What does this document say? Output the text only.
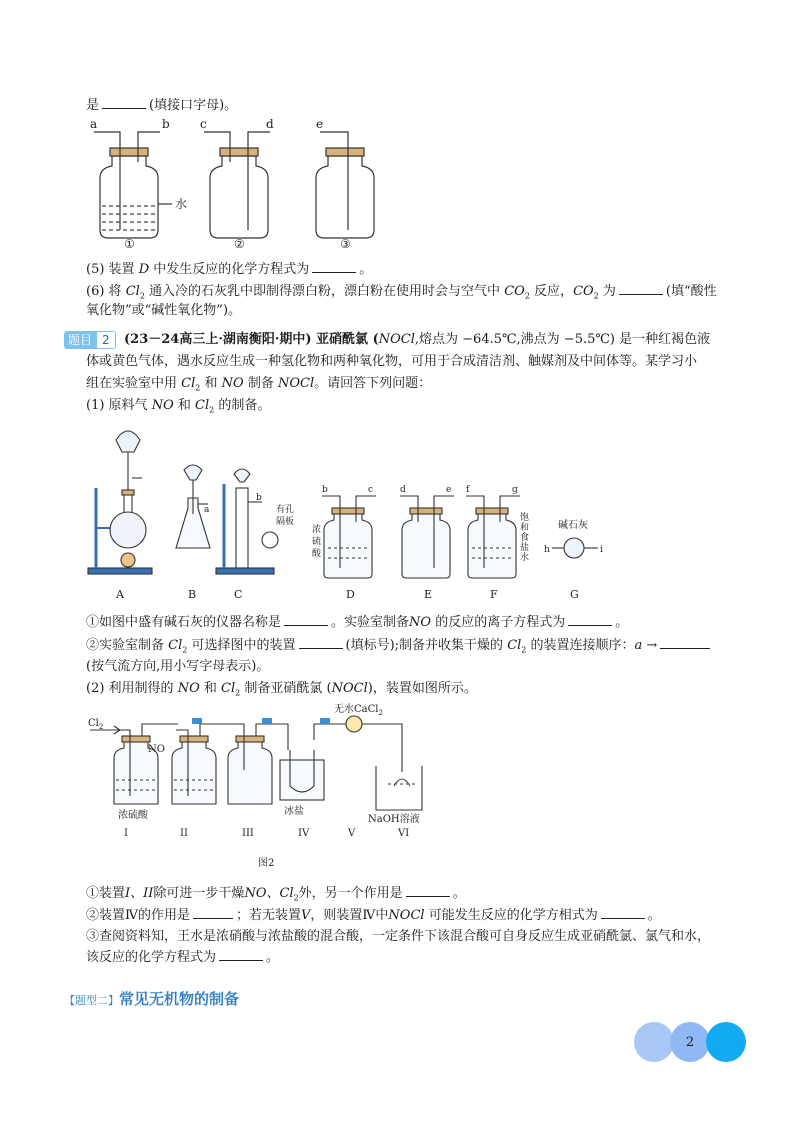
是	(填接口字母)。
a	b	c	d	e
水
①	②	③
(5) 装置 D 中发生反应的化学方程式为	。
(6) 将 $Cl_2$ 通入冷的石灰乳中即制得漂白粉，漂白粉在使用时会与空气中 $CO_2$ 反应，$CO_2$ 为	(填“酸性
氧化物”或“碱性氧化物”)。
题目 2	(23－24高三上·湖南衡阳·期中) 亚硝酰氯 (NOCl,熔点为 −64.5℃,沸点为 −5.5℃) 是一种红褐色液
体或黄色气体，遇水反应生成一种氢化物和两种氧化物，可用于合成清洁剂、触媒剂及中间体等。某学习小
组在实验室中用 $Cl_2$ 和 NO 制备 NOCl。请回答下列问题：
(1) 原料气 NO 和 $Cl_2$ 的制备。
A
a
B
b
有孔
隔板
C
b	c
浓
硫
酸
D
d	e
E
f	g
饱
和
食
盐
水
F
h	i
碱石灰
G
①如图中盛有碱石灰的仪器名称是	。实验室制备NO 的反应的离子方程式为	。
②实验室制备 $Cl_2$ 可选择图中的装置	(填标号);制备并收集干燥的 $Cl_2$ 的装置连接顺序：a →
(按气流方向,用小写字母表示)。
(2) 利用制得的 NO 和 $Cl_2$ 制备亚硝酰氯 (NOCl)，装置如图所示。
$Cl_2$
NO
无水CaCl$_2$
浓硫酸	冰盐
NaOH溶液
I	II	III	IV	V	VI
图2
①装置I、II除可进一步干燥NO、$Cl_2$外，另一个作用是	。
②装置Ⅳ的作用是	；若无装置V，则装置Ⅳ中NOCl 可能发生反应的化学方相式为	。
③查阅资料知，王水是浓硝酸与浓盐酸的混合酸，一定条件下该混合酸可自身反应生成亚硝酰氯、氯气和水，
该反应的化学方程式为	。
【题型二】常见无机物的制备
2
